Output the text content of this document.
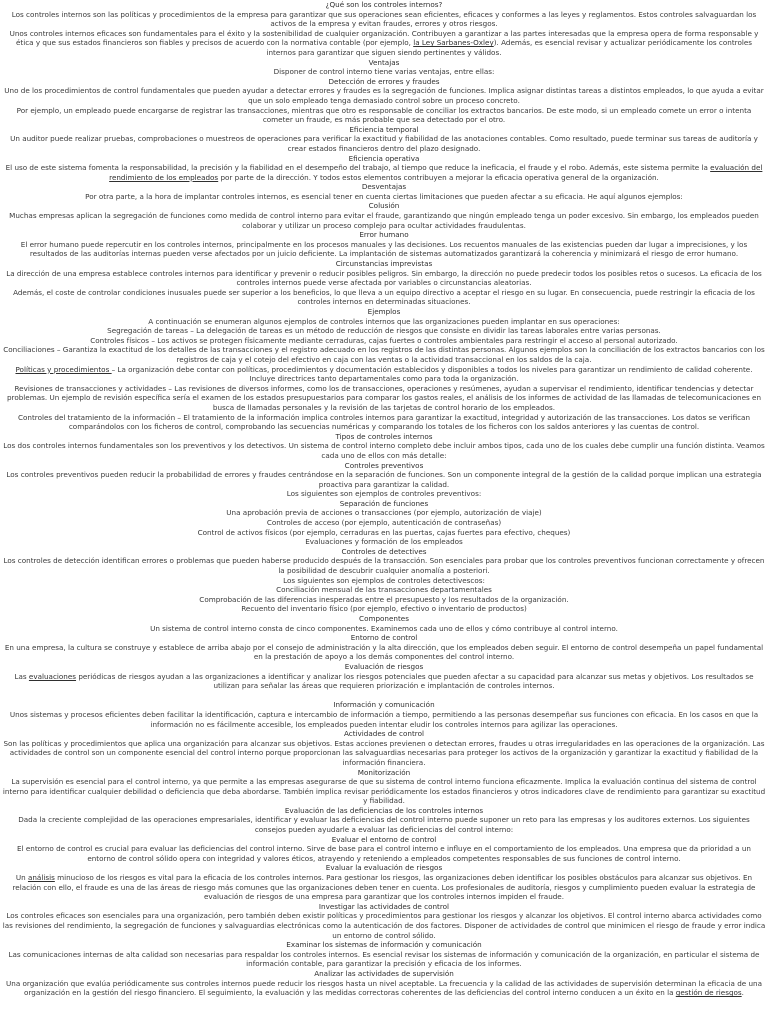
¿Qué son los controles internos?
Los controles internos son las políticas y procedimientos de la empresa para garantizar que sus operaciones sean eficientes, eficaces y conformes a las leyes y reglamentos. Estos controles salvaguardan los activos de la empresa y evitan fraudes, errores y otros riesgos.
Unos controles internos eficaces son fundamentales para el éxito y la sostenibilidad de cualquier organización. Contribuyen a garantizar a las partes interesadas que la empresa opera de forma responsable y ética y que sus estados financieros son fiables y precisos de acuerdo con la normativa contable (por ejemplo, la Ley Sarbanes-Oxley). Además, es esencial revisar y actualizar periódicamente los controles internos para garantizar que siguen siendo pertinentes y válidos.
Ventajas
Disponer de control interno tiene varias ventajas, entre ellas:
Detección de errores y fraudes
Uno de los procedimientos de control fundamentales que pueden ayudar a detectar errores y fraudes es la segregación de funciones. Implica asignar distintas tareas a distintos empleados, lo que ayuda a evitar que un solo empleado tenga demasiado control sobre un proceso concreto.
Por ejemplo, un empleado puede encargarse de registrar las transacciones, mientras que otro es responsable de conciliar los extractos bancarios. De este modo, si un empleado comete un error o intenta cometer un fraude, es más probable que sea detectado por el otro.
Eficiencia temporal
Un auditor puede realizar pruebas, comprobaciones o muestreos de operaciones para verificar la exactitud y fiabilidad de las anotaciones contables. Como resultado, puede terminar sus tareas de auditoría y crear estados financieros dentro del plazo designado.
Eficiencia operativa
El uso de este sistema fomenta la responsabilidad, la precisión y la fiabilidad en el desempeño del trabajo, al tiempo que reduce la ineficacia, el fraude y el robo. Además, este sistema permite la evaluación del rendimiento de los empleados por parte de la dirección. Y todos estos elementos contribuyen a mejorar la eficacia operativa general de la organización.
Desventajas
Por otra parte, a la hora de implantar controles internos, es esencial tener en cuenta ciertas limitaciones que pueden afectar a su eficacia. He aquí algunos ejemplos:
Colusión
Muchas empresas aplican la segregación de funciones como medida de control interno para evitar el fraude, garantizando que ningún empleado tenga un poder excesivo. Sin embargo, los empleados pueden colaborar y utilizar un proceso complejo para ocultar actividades fraudulentas.
Error humano
El error humano puede repercutir en los controles internos, principalmente en los procesos manuales y las decisiones. Los recuentos manuales de las existencias pueden dar lugar a imprecisiones, y los resultados de las auditorías internas pueden verse afectados por un juicio deficiente. La implantación de sistemas automatizados garantizará la coherencia y minimizará el riesgo de error humano.
Circunstancias imprevistas
La dirección de una empresa establece controles internos para identificar y prevenir o reducir posibles peligros. Sin embargo, la dirección no puede predecir todos los posibles retos o sucesos. La eficacia de los controles internos puede verse afectada por variables o circunstancias aleatorias.
Además, el coste de controlar condiciones inusuales puede ser superior a los beneficios, lo que lleva a un equipo directivo a aceptar el riesgo en su lugar. En consecuencia, puede restringir la eficacia de los controles internos en determinadas situaciones.
Ejemplos
A continuación se enumeran algunos ejemplos de controles internos que las organizaciones pueden implantar en sus operaciones:
Segregación de tareas – La delegación de tareas es un método de reducción de riesgos que consiste en dividir las tareas laborales entre varias personas.
Controles físicos – Los activos se protegen físicamente mediante cerraduras, cajas fuertes o controles ambientales para restringir el acceso al personal autorizado.
Conciliaciones – Garantiza la exactitud de los detalles de las transacciones y el registro adecuado en los registros de las distintas personas. Algunos ejemplos son la conciliación de los extractos bancarios con los registros de caja y el cotejo del efectivo en caja con las ventas o la actividad transaccional en los saldos de la caja.
Políticas y procedimientos – La organización debe contar con políticas, procedimientos y documentación establecidos y disponibles a todos los niveles para garantizar un rendimiento de calidad coherente. Incluye directrices tanto departamentales como para toda la organización.
Revisiones de transacciones y actividades – Las revisiones de diversos informes, como los de transacciones, operaciones y resúmenes, ayudan a supervisar el rendimiento, identificar tendencias y detectar problemas. Un ejemplo de revisión específica sería el examen de los estados presupuestarios para comparar los gastos reales, el análisis de los informes de actividad de las llamadas de telecomunicaciones en busca de llamadas personales y la revisión de las tarjetas de control horario de los empleados.
Controles del tratamiento de la información – El tratamiento de la información implica controles internos para garantizar la exactitud, integridad y autorización de las transacciones. Los datos se verifican comparándolos con los ficheros de control, comprobando las secuencias numéricas y comparando los totales de los ficheros con los saldos anteriores y las cuentas de control.
Tipos de controles internos
Los dos controles internos fundamentales son los preventivos y los detectivos. Un sistema de control interno completo debe incluir ambos tipos, cada uno de los cuales debe cumplir una función distinta. Veamos cada uno de ellos con más detalle:
Controles preventivos
Los controles preventivos pueden reducir la probabilidad de errores y fraudes centrándose en la separación de funciones. Son un componente integral de la gestión de la calidad porque implican una estrategia proactiva para garantizar la calidad.
Los siguientes son ejemplos de controles preventivos:
Separación de funciones
Una aprobación previa de acciones o transacciones (por ejemplo, autorización de viaje)
Controles de acceso (por ejemplo, autenticación de contraseñas)
Control de activos físicos (por ejemplo, cerraduras en las puertas, cajas fuertes para efectivo, cheques)
Evaluaciones y formación de los empleados
Controles de detectives
Los controles de detección identifican errores o problemas que pueden haberse producido después de la transacción. Son esenciales para probar que los controles preventivos funcionan correctamente y ofrecen la posibilidad de descubrir cualquier anomalía a posteriori.
Los siguientes son ejemplos de controles detectivescos:
Conciliación mensual de las transacciones departamentales
Comprobación de las diferencias inesperadas entre el presupuesto y los resultados de la organización.
Recuento del inventario físico (por ejemplo, efectivo o inventario de productos)
Componentes
Un sistema de control interno consta de cinco componentes. Examinemos cada uno de ellos y cómo contribuye al control interno.
Entorno de control
En una empresa, la cultura se construye y establece de arriba abajo por el consejo de administración y la alta dirección, que los empleados deben seguir. El entorno de control desempeña un papel fundamental en la prestación de apoyo a los demás componentes del control interno.
Evaluación de riesgos
Las evaluaciones periódicas de riesgos ayudan a las organizaciones a identificar y analizar los riesgos potenciales que pueden afectar a su capacidad para alcanzar sus metas y objetivos. Los resultados se utilizan para señalar las áreas que requieren priorización e implantación de controles internos.
Información y comunicación
Unos sistemas y procesos eficientes deben facilitar la identificación, captura e intercambio de información a tiempo, permitiendo a las personas desempeñar sus funciones con eficacia. En los casos en que la información no es fácilmente accesible, los empleados pueden intentar eludir los controles internos para agilizar las operaciones.
Actividades de control
Son las políticas y procedimientos que aplica una organización para alcanzar sus objetivos. Estas acciones previenen o detectan errores, fraudes u otras irregularidades en las operaciones de la organización. Las actividades de control son un componente esencial del control interno porque proporcionan las salvaguardias necesarias para proteger los activos de la organización y garantizar la exactitud y fiabilidad de la información financiera.
Monitorización
La supervisión es esencial para el control interno, ya que permite a las empresas asegurarse de que su sistema de control interno funciona eficazmente. Implica la evaluación continua del sistema de control interno para identificar cualquier debilidad o deficiencia que deba abordarse. También implica revisar periódicamente los estados financieros y otros indicadores clave de rendimiento para garantizar su exactitud y fiabilidad.
Evaluación de las deficiencias de los controles internos
Dada la creciente complejidad de las operaciones empresariales, identificar y evaluar las deficiencias del control interno puede suponer un reto para las empresas y los auditores externos. Los siguientes consejos pueden ayudarle a evaluar las deficiencias del control interno:
Evaluar el entorno de control
El entorno de control es crucial para evaluar las deficiencias del control interno. Sirve de base para el control interno e influye en el comportamiento de los empleados. Una empresa que da prioridad a un entorno de control sólido opera con integridad y valores éticos, atrayendo y reteniendo a empleados competentes responsables de sus funciones de control interno.
Evaluar la evaluación de riesgos
Un análisis minucioso de los riesgos es vital para la eficacia de los controles internos. Para gestionar los riesgos, las organizaciones deben identificar los posibles obstáculos para alcanzar sus objetivos. En relación con ello, el fraude es una de las áreas de riesgo más comunes que las organizaciones deben tener en cuenta. Los profesionales de auditoría, riesgos y cumplimiento pueden evaluar la estrategia de evaluación de riesgos de una empresa para garantizar que los controles internos impiden el fraude.
Investigar las actividades de control
Los controles eficaces son esenciales para una organización, pero también deben existir políticas y procedimientos para gestionar los riesgos y alcanzar los objetivos. El control interno abarca actividades como las revisiones del rendimiento, la segregación de funciones y salvaguardias electrónicas como la autenticación de dos factores. Disponer de actividades de control que minimicen el riesgo de fraude y error indica un entorno de control sólido.
Examinar los sistemas de información y comunicación
Las comunicaciones internas de alta calidad son necesarias para respaldar los controles internos. Es esencial revisar los sistemas de información y comunicación de la organización, en particular el sistema de información contable, para garantizar la precisión y eficacia de los informes.
Analizar las actividades de supervisión
Una organización que evalúa periódicamente sus controles internos puede reducir los riesgos hasta un nivel aceptable. La frecuencia y la calidad de las actividades de supervisión determinan la eficacia de una organización en la gestión del riesgo financiero. El seguimiento, la evaluación y las medidas correctoras coherentes de las deficiencias del control interno conducen a un éxito en la gestión de riesgos.
